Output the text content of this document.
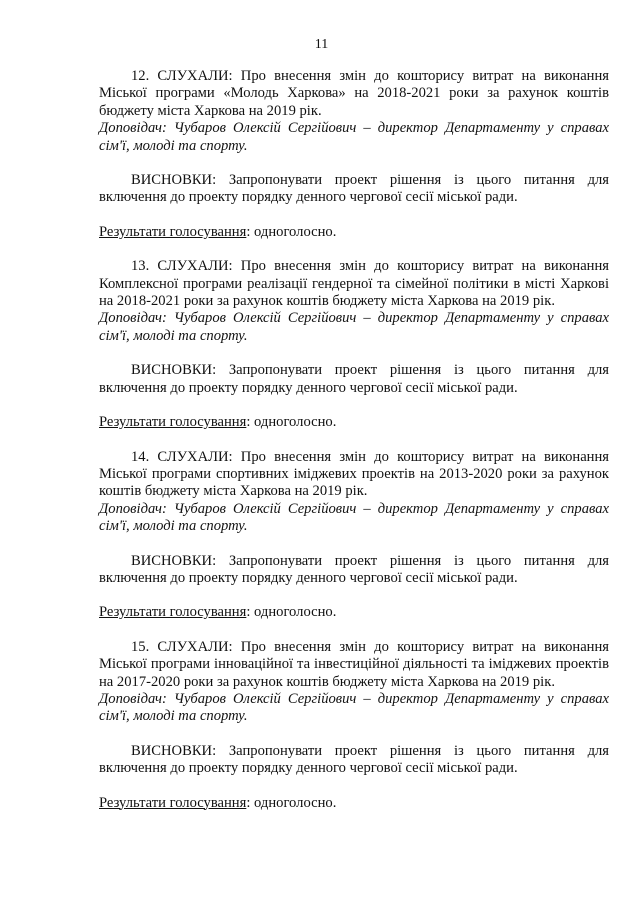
11

12. СЛУХАЛИ: Про внесення змін до кошторису витрат на виконання Міської програми «Молодь Харкова» на 2018-2021 роки за рахунок коштів бюджету міста Харкова на 2019 рік.

Доповідач: Чубаров Олексій Сергійович – директор Департаменту у справах сім'ї, молоді та спорту.

ВИСНОВКИ: Запропонувати проект рішення із цього питання для включення до проекту порядку денного чергової сесії міської ради.

Результати голосування: одноголосно.

13. СЛУХАЛИ: Про внесення змін до кошторису витрат на виконання Комплексної програми реалізації гендерної та сімейної політики в місті Харкові на 2018-2021 роки за рахунок коштів бюджету міста Харкова на 2019 рік.

Доповідач: Чубаров Олексій Сергійович – директор Департаменту у справах сім'ї, молоді та спорту.

ВИСНОВКИ: Запропонувати проект рішення із цього питання для включення до проекту порядку денного чергової сесії міської ради.

Результати голосування: одноголосно.

14. СЛУХАЛИ: Про внесення змін до кошторису витрат на виконання Міської програми спортивних іміджевих проектів на 2013-2020 роки за рахунок коштів бюджету міста Харкова на 2019 рік.

Доповідач: Чубаров Олексій Сергійович – директор Департаменту у справах сім'ї, молоді та спорту.

ВИСНОВКИ: Запропонувати проект рішення із цього питання для включення до проекту порядку денного чергової сесії міської ради.

Результати голосування: одноголосно.

15. СЛУХАЛИ: Про внесення змін до кошторису витрат на виконання Міської програми інноваційної та інвестиційної діяльності та іміджевих проектів на 2017-2020 роки за рахунок коштів бюджету міста Харкова на 2019 рік.

Доповідач: Чубаров Олексій Сергійович – директор Департаменту у справах сім'ї, молоді та спорту.

ВИСНОВКИ: Запропонувати проект рішення із цього питання для включення до проекту порядку денного чергової сесії міської ради.

Результати голосування: одноголосно.
